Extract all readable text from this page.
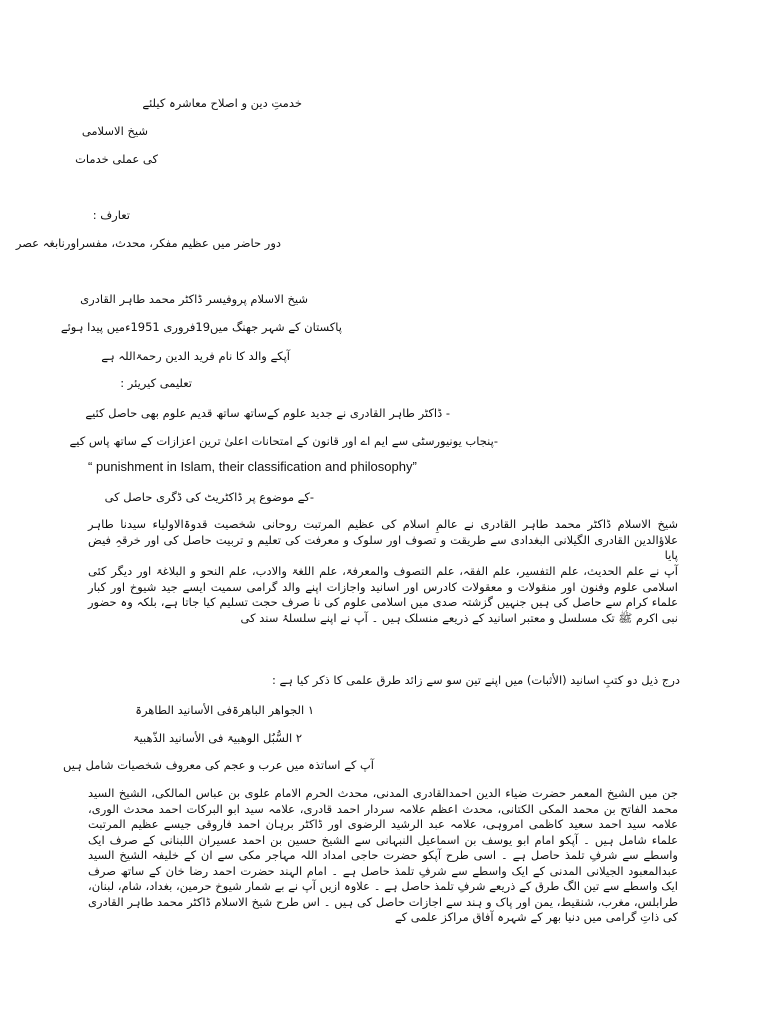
خدمتِ دین و اصلاح معاشرہ کیلئے

شیخ الاسلامی

کی عملی خدمات

تعارف :

دور حاضر میں عظیم مفکر، محدث، مفسراورنابغہ عصر

شیخ الاسلام پروفیسر ڈاکٹر محمد طاہر القادری

پاکستان کے شہر جھنگ میں19فروری 1951ءمیں پیدا ہوئے

آپکے والد کا نام فرید الدین رحمۃاللہ ہے

تعلیمی کیریئر :

- ڈاکٹر طاہر القادری نے جدید علوم کےساتھ ساتھ قدیم علوم بھی حاصل کئیے

-پنجاب یونیورسٹی سے ایم اے اور قانون کے امتحانات اعلیٰ ترین اعزازات کے ساتھ پاس کیے

“ punishment in Islam, their classification and philosophy”

-کے موضوع پر ڈاکٹریٹ کی ڈگری حاصل کی

شیخ الاسلام ڈاکٹر محمد طاہر القادری نے عالمِ اسلام کی عظیم المرتبت روحانی شخصیت قدوۃالاولیاء سیدنا طاہر علاؤالدین القادری الگیلانی البغدادی سے طریقت و تصوف اور سلوک و معرفت کی تعلیم و تربیت حاصل کی اور خرقہِ فیض پایا

آپ نے علم الحدیث، علم التفسیر، علم الفقہ، علم التصوف والمعرفۃ، علم اللغۃ والادب، علم النحو و البلاغۃ اور دیگر کئی اسلامی علوم وفنون اور منقولات و معقولات کادرس اور اسانید واجازات اپنے والد گرامی سمیت ایسے جید شیوخ اور کبار علماء کرام سے حاصل کی ہیں جنہیں گزشتہ صدی میں اسلامی علوم کی نا صرف حجت تسلیم کیا جاتا ہے، بلکہ وہ حضور نبی اکرم ﷺ تک مسلسل و معتبر اسانید کے ذریعے منسلک ہیں ۔ آپ نے اپنے سلسلۂ سند کی

درج ذیل دو کتبِ اسانید (الأثبات) میں اپنے تین سو سے زائد طرق علمی کا ذکر کیا ہے :

١ الجواهر الباهرۃفی الأسانید الطاهرۃ

٢ السُّبُل الوهبیۃ فی الأسانید الذّهبیۃ

آپ کے اساتذہ میں عرب و عجم کی معروف شخصیات شامل ہیں

جن میں الشیخ المعمر حضرت ضیاء الدین احمدالقادری المدنی، محدث الحرم الامام علوی بن عباس المالکی، الشیخ السید محمد الفاتح بن محمد المکی الکتانی، محدث اعظم علامہ سردار احمد قادری، علامہ سید ابو البرکات احمد محدث الوری، علامہ سید احمد سعید کاظمی امروہی، علامہ عبد الرشید الرضوی اور ڈاکٹر برہان احمد فاروقی جیسے عظیم المرتبت علماء شامل ہیں ۔ آپکو امام ابو یوسف بن اسماعیل النبہانی سے الشیخ حسین بن احمد عسیران اللبنانی کے صرف ایک واسطے سے شرفِ تلمذ حاصل ہے ۔ اسی طرح آپکو حضرت حاجی امداد اللہ مہاجر مکی سے ان کے خلیفہ الشیخ السید عبدالمعبود الجیلانی المدنی کے ایک واسطے سے شرفِ تلمذ حاصل ہے ۔ امام الہند حضرت احمد رضا خان کے ساتھ صرف ایک واسطے سے تین الگ طرق کے ذریعے شرفِ تلمذ حاصل ہے ۔ علاوہ ازیں آپ نے بے شمار شیوخ حرمین، بغداد، شام، لبنان، طرابلس، مغرب، شنقیط، یمن اور پاک و ہند سے اجازات حاصل کی ہیں ۔ اس طرح شیخ الاسلام ڈاکٹر محمد طاہر القادری کی ذاتِ گرامی میں دنیا بھر کے شہرہ آفاق مراکز علمی کے
